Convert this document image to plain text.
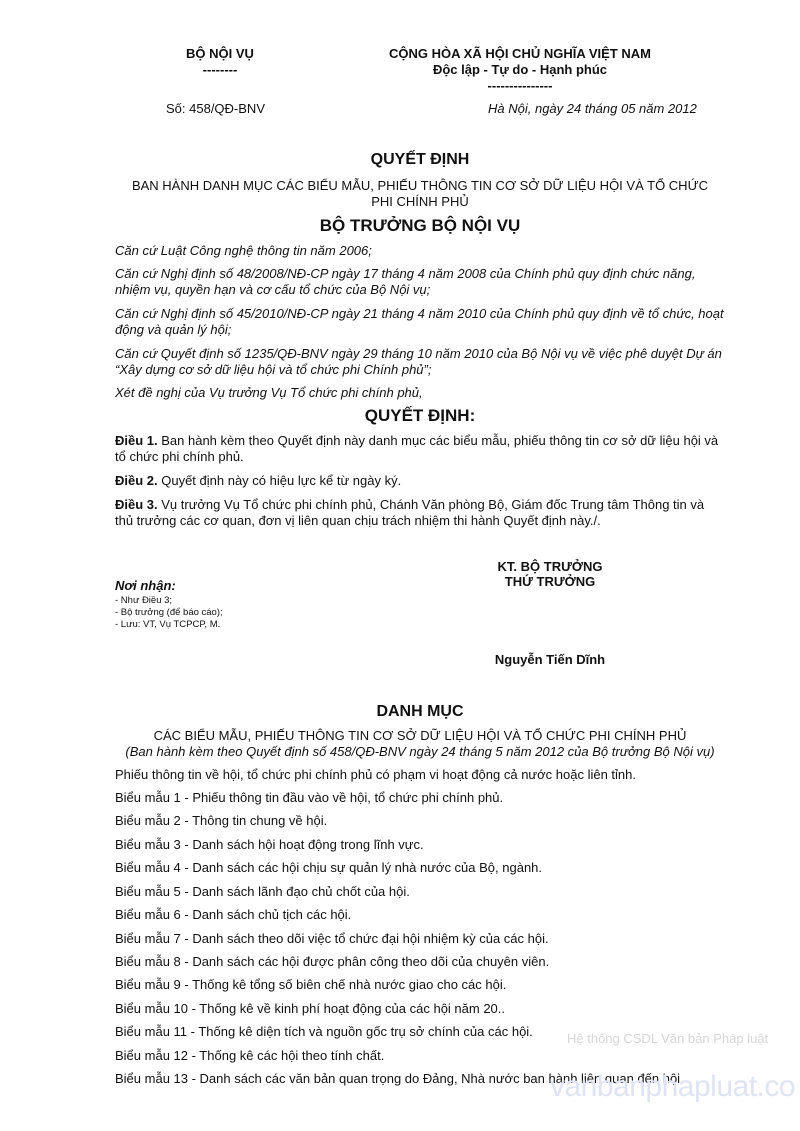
BỘ NỘI VỤ
--------
CỘNG HÒA XÃ HỘI CHỦ NGHĨA VIỆT NAM
Độc lập - Tự do - Hạnh phúc
---------------
Số: 458/QĐ-BNV	Hà Nội, ngày 24 tháng 05 năm 2012
QUYẾT ĐỊNH
BAN HÀNH DANH MỤC CÁC BIỂU MẪU, PHIẾU THÔNG TIN CƠ SỞ DỮ LIỆU HỘI VÀ TỔ CHỨC
PHI CHÍNH PHỦ
BỘ TRƯỞNG BỘ NỘI VỤ
Căn cứ Luật Công nghệ thông tin năm 2006;
Căn cứ Nghị định số 48/2008/NĐ-CP ngày 17 tháng 4 năm 2008 của Chính phủ quy định chức năng, nhiệm vụ, quyền hạn và cơ cấu tổ chức của Bộ Nội vụ;
Căn cứ Nghị định số 45/2010/NĐ-CP ngày 21 tháng 4 năm 2010 của Chính phủ quy định về tổ chức, hoạt động và quản lý hội;
Căn cứ Quyết định số 1235/QĐ-BNV ngày 29 tháng 10 năm 2010 của Bộ Nội vụ về việc phê duyệt Dự án “Xây dựng cơ sở dữ liệu hội và tổ chức phi Chính phủ”;
Xét đề nghị của Vụ trưởng Vụ Tổ chức phi chính phủ,
QUYẾT ĐỊNH:
Điều 1. Ban hành kèm theo Quyết định này danh mục các biểu mẫu, phiếu thông tin cơ sở dữ liệu hội và tổ chức phi chính phủ.
Điều 2. Quyết định này có hiệu lực kể từ ngày ký.
Điều 3. Vụ trưởng Vụ Tổ chức phi chính phủ, Chánh Văn phòng Bộ, Giám đốc Trung tâm Thông tin và thủ trưởng các cơ quan, đơn vị liên quan chịu trách nhiệm thi hành Quyết định này./.
KT. BỘ TRƯỞNG
THỨ TRƯỞNG
Nguyễn Tiến Dĩnh
Nơi nhận:
- Như Điều 3;
- Bộ trưởng (để báo cáo);
- Lưu: VT, Vụ TCPCP, M.
DANH MỤC
CÁC BIỂU MẪU, PHIẾU THÔNG TIN CƠ SỞ DỮ LIỆU HỘI VÀ TỔ CHỨC PHI CHÍNH PHỦ
(Ban hành kèm theo Quyết định số 458/QĐ-BNV ngày 24 tháng 5 năm 2012 của Bộ trưởng Bộ Nội vụ)
Phiếu thông tin về hội, tổ chức phi chính phủ có phạm vi hoạt động cả nước hoặc liên tỉnh.
Biểu mẫu 1 - Phiếu thông tin đầu vào về hội, tổ chức phi chính phủ.
Biểu mẫu 2 - Thông tin chung về hội.
Biểu mẫu 3 - Danh sách hội hoạt động trong lĩnh vực.
Biểu mẫu 4 - Danh sách các hội chịu sự quản lý nhà nước của Bộ, ngành.
Biểu mẫu 5 - Danh sách lãnh đạo chủ chốt của hội.
Biểu mẫu 6 - Danh sách chủ tịch các hội.
Biểu mẫu 7 - Danh sách theo dõi việc tổ chức đại hội nhiệm kỳ của các hội.
Biểu mẫu 8 - Danh sách các hội được phân công theo dõi của chuyên viên.
Biểu mẫu 9 - Thống kê tổng số biên chế nhà nước giao cho các hội.
Biểu mẫu 10 - Thống kê về kinh phí hoạt động của các hội năm 20..
Biểu mẫu 11 - Thống kê diện tích và nguồn gốc trụ sở chính của các hội.
Biểu mẫu 12 - Thống kê các hội theo tính chất.
Biểu mẫu 13 - Danh sách các văn bản quan trọng do Đảng, Nhà nước ban hành liên quan đến hội.
Hệ thống CSDL Văn bản Pháp luật
vanbanphapluat.co
